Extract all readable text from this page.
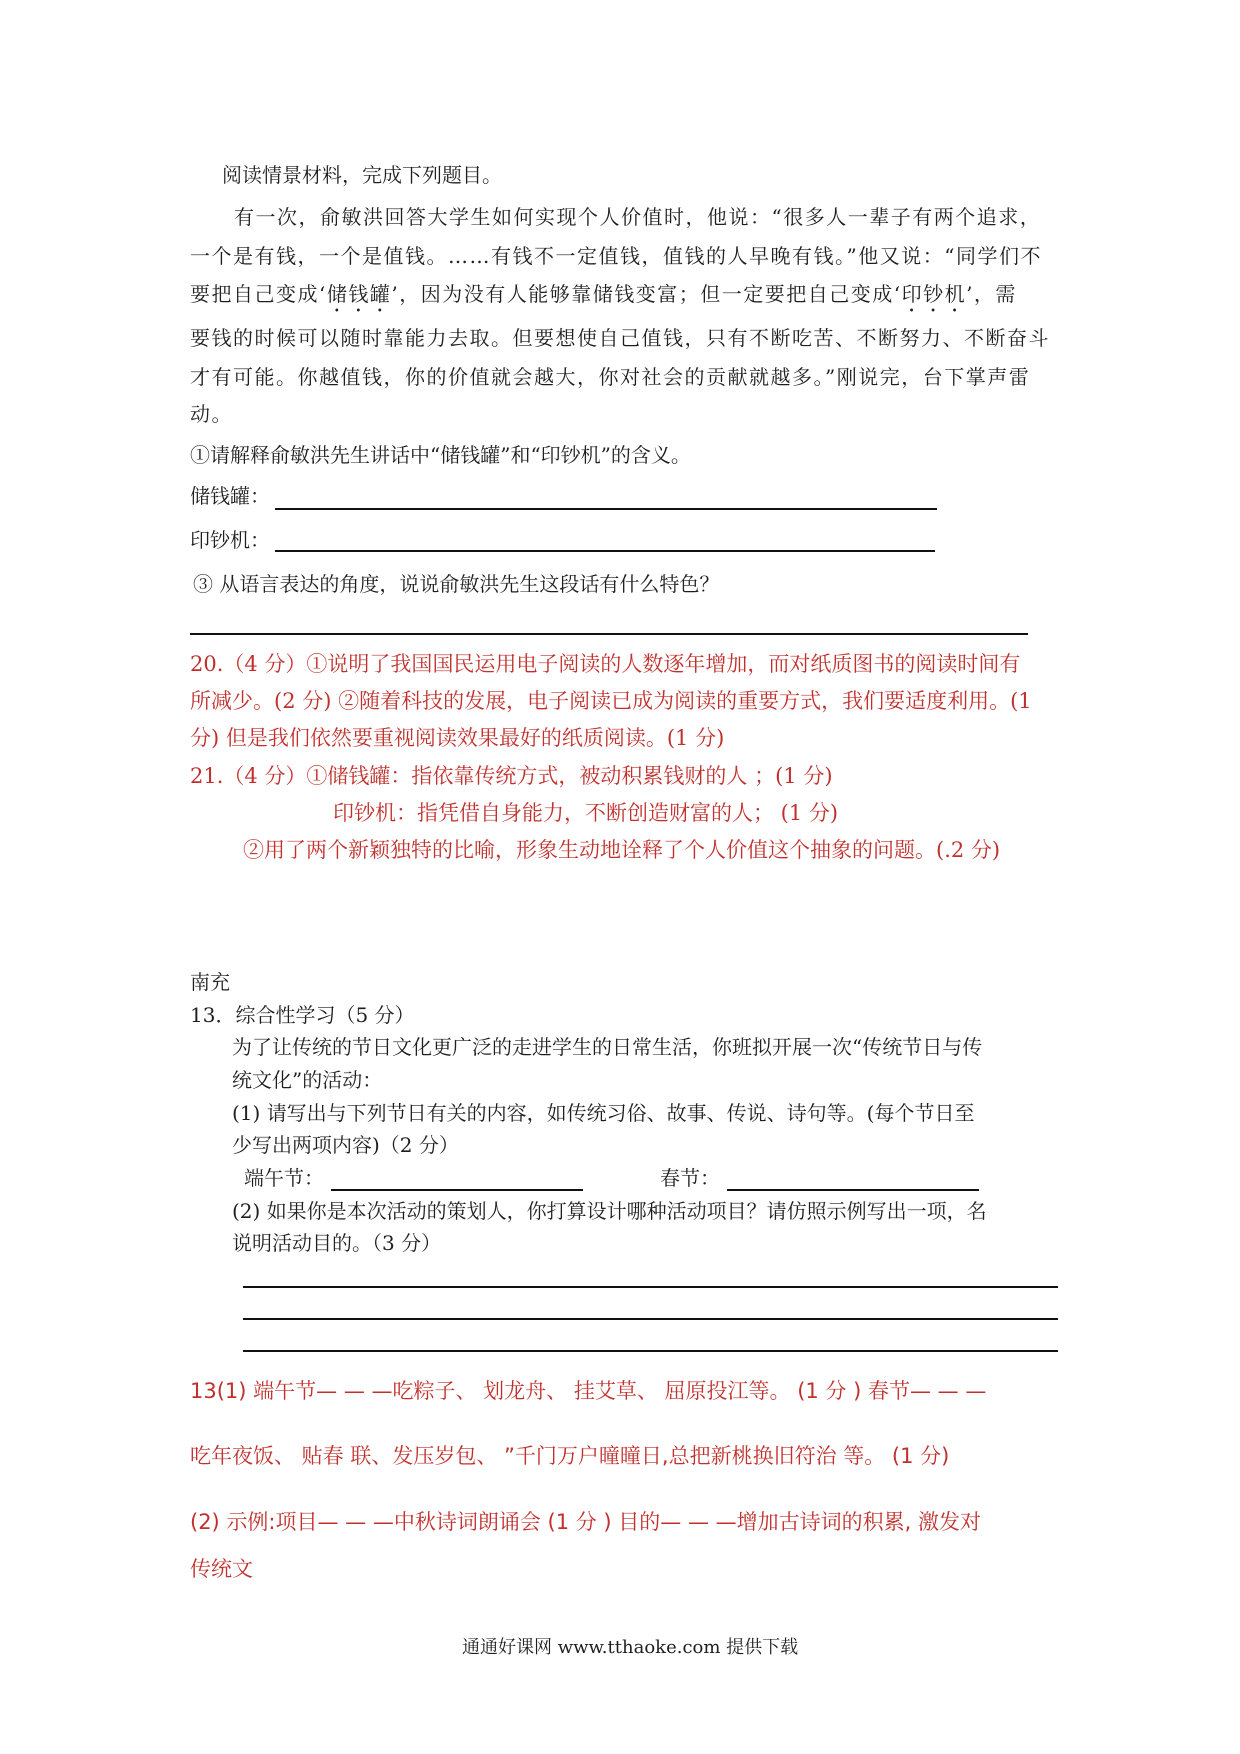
阅读情景材料，完成下列题目。
有一次，俞敏洪回答大学生如何实现个人价值时，他说：“很多人一辈子有两个追求，
一个是有钱，一个是值钱。……有钱不一定值钱，值钱的人早晚有钱。”他又说：“同学们不
要把自己变成‘储钱罐’，因为没有人能够靠储钱变富；但一定要把自己变成‘印钞机’，需
要钱的时候可以随时靠能力去取。但要想使自己值钱，只有不断吃苦、不断努力、不断奋斗
才有可能。你越值钱，你的价值就会越大，你对社会的贡献就越多。”刚说完，台下掌声雷
动。
①请解释俞敏洪先生讲话中“储钱罐”和“印钞机”的含义。
储钱罐：
印钞机：
③ 从语言表达的角度，说说俞敏洪先生这段话有什么特色？
20.（4 分）①说明了我国国民运用电子阅读的人数逐年增加，而对纸质图书的阅读时间有
所减少。(2 分) ②随着科技的发展，电子阅读已成为阅读的重要方式，我们要适度利用。(1
分) 但是我们依然要重视阅读效果最好的纸质阅读。(1 分)
21.（4 分）①储钱罐：指依靠传统方式，被动积累钱财的人 ；(1 分)
印钞机：指凭借自身能力，不断创造财富的人； (1 分)
②用了两个新颖独特的比喻，形象生动地诠释了个人价值这个抽象的问题。(.2 分)
南充
13．综合性学习（5 分）
为了让传统的节日文化更广泛的走进学生的日常生活，你班拟开展一次“传统节日与传
统文化”的活动：
(1) 请写出与下列节日有关的内容，如传统习俗、故事、传说、诗句等。(每个节日至
少写出两项内容)（2 分）
端午节：	春节：
(2) 如果你是本次活动的策划人，你打算设计哪种活动项目？请仿照示例写出一项，名
说明活动目的。（3 分）
13(1) 端午节— — —吃粽子、 划龙舟、 挂艾草、 屈原投江等。 (1 分 ) 春节— — —
吃年夜饭、 贴春 联、发压岁包、 ”千门万户曈曈日,总把新桃换旧符治 等。 (1 分)
(2) 示例:项目— — —中秋诗词朗诵会 (1 分 ) 目的— — —增加古诗词的积累, 激发对
传统文
通通好课网 www.tthaoke.com 提供下载
